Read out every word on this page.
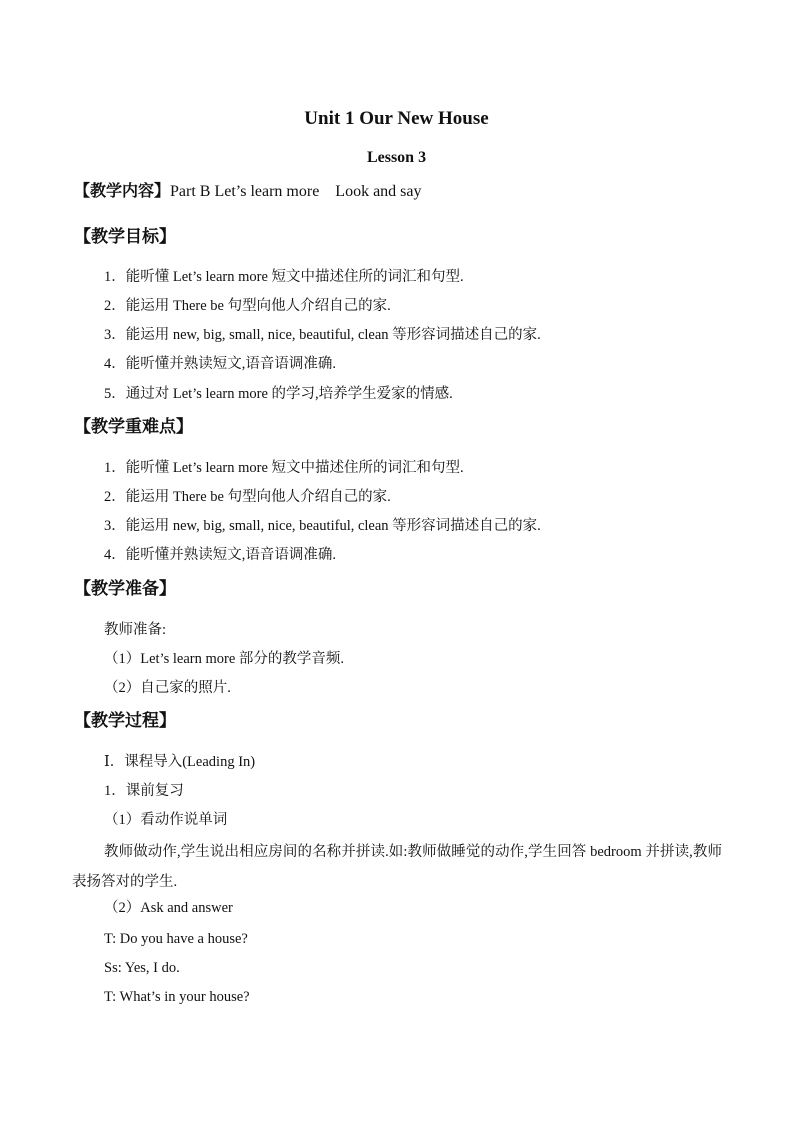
Unit 1 Our New House
Lesson 3
【教学内容】Part B Let’s learn more    Look and say
【教学目标】
1．能听懂 Let’s learn more 短文中描述住所的词汇和句型.
2．能运用 There be 句型向他人介绍自己的家.
3．能运用 new, big, small, nice, beautiful, clean 等形容词描述自己的家.
4．能听懂并熟读短文,语音语调准确.
5．通过对 Let’s learn more 的学习,培养学生爱家的情感.
【教学重难点】
1．能听懂 Let’s learn more 短文中描述住所的词汇和句型.
2．能运用 There be 句型向他人介绍自己的家.
3．能运用 new, big, small, nice, beautiful, clean 等形容词描述自己的家.
4．能听懂并熟读短文,语音语调准确.
【教学准备】
教师准备:
（1）Let’s learn more 部分的教学音频.
（2）自己家的照片.
【教学过程】
Ⅰ．课程导入(Leading In)
1．课前复习
（1）看动作说单词
教师做动作,学生说出相应房间的名称并拼读.如:教师做睡觉的动作,学生回答 bedroom 并拼读,教师表扬答对的学生.
（2）Ask and answer
T: Do you have a house?
Ss: Yes, I do.
T: What’s in your house?
